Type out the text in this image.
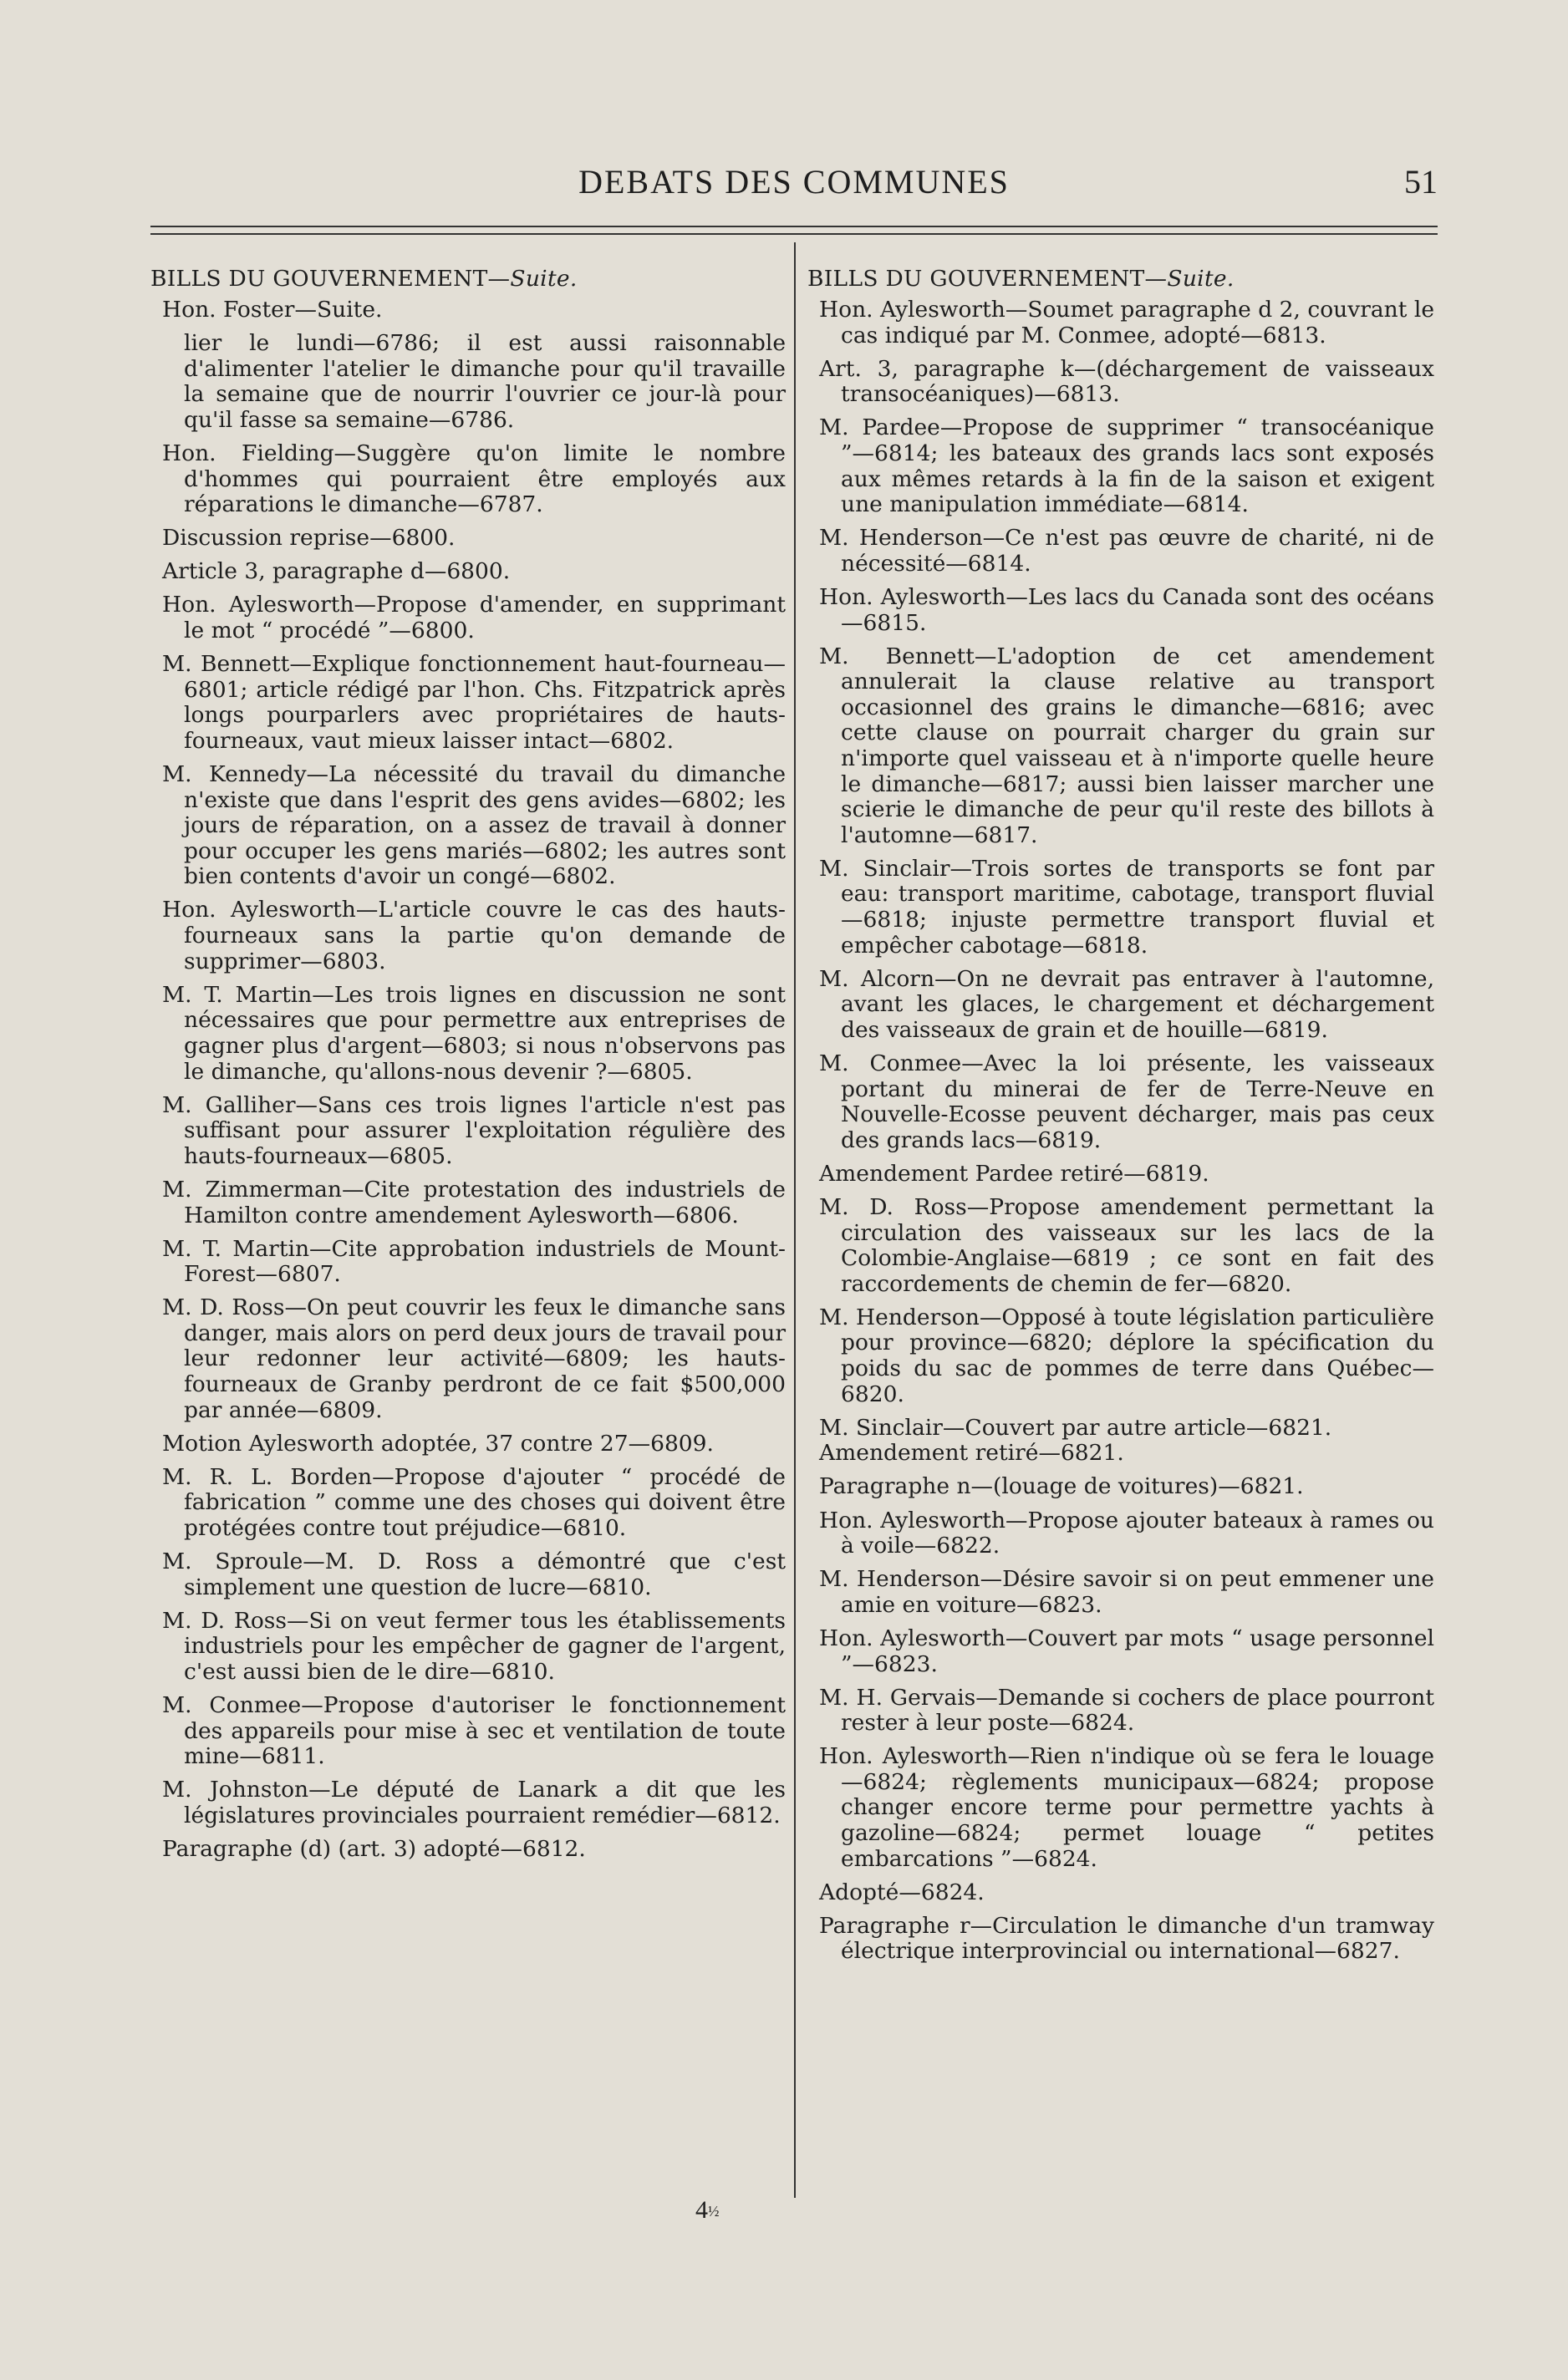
DEBATS DES COMMUNES	51
BILLS DU GOUVERNEMENT—Suite.

Hon. Foster—Suite.

lier le lundi—6786; il est aussi raisonnable d'alimenter l'atelier le dimanche pour qu'il travaille la semaine que de nourrir l'ouvrier ce jour-là pour qu'il fasse sa semaine—6786.

Hon. Fielding—Suggère qu'on limite le nombre d'hommes qui pourraient être employés aux réparations le dimanche—6787.

Discussion reprise—6800.

Article 3, paragraphe d—6800.

Hon. Aylesworth—Propose d'amender, en supprimant le mot “ procédé ”—6800.

M. Bennett—Explique fonctionnement haut-fourneau—6801; article rédigé par l'hon. Chs. Fitzpatrick après longs pourparlers avec propriétaires de hauts-fourneaux, vaut mieux laisser intact—6802.

M. Kennedy—La nécessité du travail du dimanche n'existe que dans l'esprit des gens avides—6802; les jours de réparation, on a assez de travail à donner pour occuper les gens mariés—6802; les autres sont bien contents d'avoir un congé—6802.

Hon. Aylesworth—L'article couvre le cas des hauts-fourneaux sans la partie qu'on demande de supprimer—6803.

M. T. Martin—Les trois lignes en discussion ne sont nécessaires que pour permettre aux entreprises de gagner plus d'argent—6803; si nous n'observons pas le dimanche, qu'allons-nous devenir ?—6805.

M. Galliher—Sans ces trois lignes l'article n'est pas suffisant pour assurer l'exploitation régulière des hauts-fourneaux—6805.

M. Zimmerman—Cite protestation des industriels de Hamilton contre amendement Aylesworth—6806.

M. T. Martin—Cite approbation industriels de Mount-Forest—6807.

M. D. Ross—On peut couvrir les feux le dimanche sans danger, mais alors on perd deux jours de travail pour leur redonner leur activité—6809; les hauts-fourneaux de Granby perdront de ce fait $500,000 par année—6809.

Motion Aylesworth adoptée, 37 contre 27—6809.

M. R. L. Borden—Propose d'ajouter “ procédé de fabrication ” comme une des choses qui doivent être protégées contre tout préjudice—6810.

M. Sproule—M. D. Ross a démontré que c'est simplement une question de lucre—6810.

M. D. Ross—Si on veut fermer tous les établissements industriels pour les empêcher de gagner de l'argent, c'est aussi bien de le dire—6810.

M. Conmee—Propose d'autoriser le fonctionnement des appareils pour mise à sec et ventilation de toute mine—6811.

M. Johnston—Le député de Lanark a dit que les législatures provinciales pourraient remédier—6812.

Paragraphe (d) (art. 3) adopté—6812.

BILLS DU GOUVERNEMENT—Suite.

Hon. Aylesworth—Soumet paragraphe d 2, couvrant le cas indiqué par M. Conmee, adopté—6813.

Art. 3, paragraphe k—(déchargement de vaisseaux transocéaniques)—6813.

M. Pardee—Propose de supprimer “ transocéanique ”—6814; les bateaux des grands lacs sont exposés aux mêmes retards à la fin de la saison et exigent une manipulation immédiate—6814.

M. Henderson—Ce n'est pas œuvre de charité, ni de nécessité—6814.

Hon. Aylesworth—Les lacs du Canada sont des océans—6815.

M. Bennett—L'adoption de cet amendement annulerait la clause relative au transport occasionnel des grains le dimanche—6816; avec cette clause on pourrait charger du grain sur n'importe quel vaisseau et à n'importe quelle heure le dimanche—6817; aussi bien laisser marcher une scierie le dimanche de peur qu'il reste des billots à l'automne—6817.

M. Sinclair—Trois sortes de transports se font par eau: transport maritime, cabotage, transport fluvial—6818; injuste permettre transport fluvial et empêcher cabotage—6818.

M. Alcorn—On ne devrait pas entraver à l'automne, avant les glaces, le chargement et déchargement des vaisseaux de grain et de houille—6819.

M. Conmee—Avec la loi présente, les vaisseaux portant du minerai de fer de Terre-Neuve en Nouvelle-Ecosse peuvent décharger, mais pas ceux des grands lacs—6819.

Amendement Pardee retiré—6819.

M. D. Ross—Propose amendement permettant la circulation des vaisseaux sur les lacs de la Colombie-Anglaise—6819 ; ce sont en fait des raccordements de chemin de fer—6820.

M. Henderson—Opposé à toute législation particulière pour province—6820; déplore la spécification du poids du sac de pommes de terre dans Québec—6820.

M. Sinclair—Couvert par autre article—6821.

Amendement retiré—6821.

Paragraphe n—(louage de voitures)—6821.

Hon. Aylesworth—Propose ajouter bateaux à rames ou à voile—6822.

M. Henderson—Désire savoir si on peut emmener une amie en voiture—6823.

Hon. Aylesworth—Couvert par mots “ usage personnel ”—6823.

M. H. Gervais—Demande si cochers de place pourront rester à leur poste—6824.

Hon. Aylesworth—Rien n'indique où se fera le louage—6824; règlements municipaux—6824; propose changer encore terme pour permettre yachts à gazoline—6824; permet louage “ petites embarcations ”—6824.

Adopté—6824.

Paragraphe r—Circulation le dimanche d'un tramway électrique interprovincial ou international—6827.

4½
